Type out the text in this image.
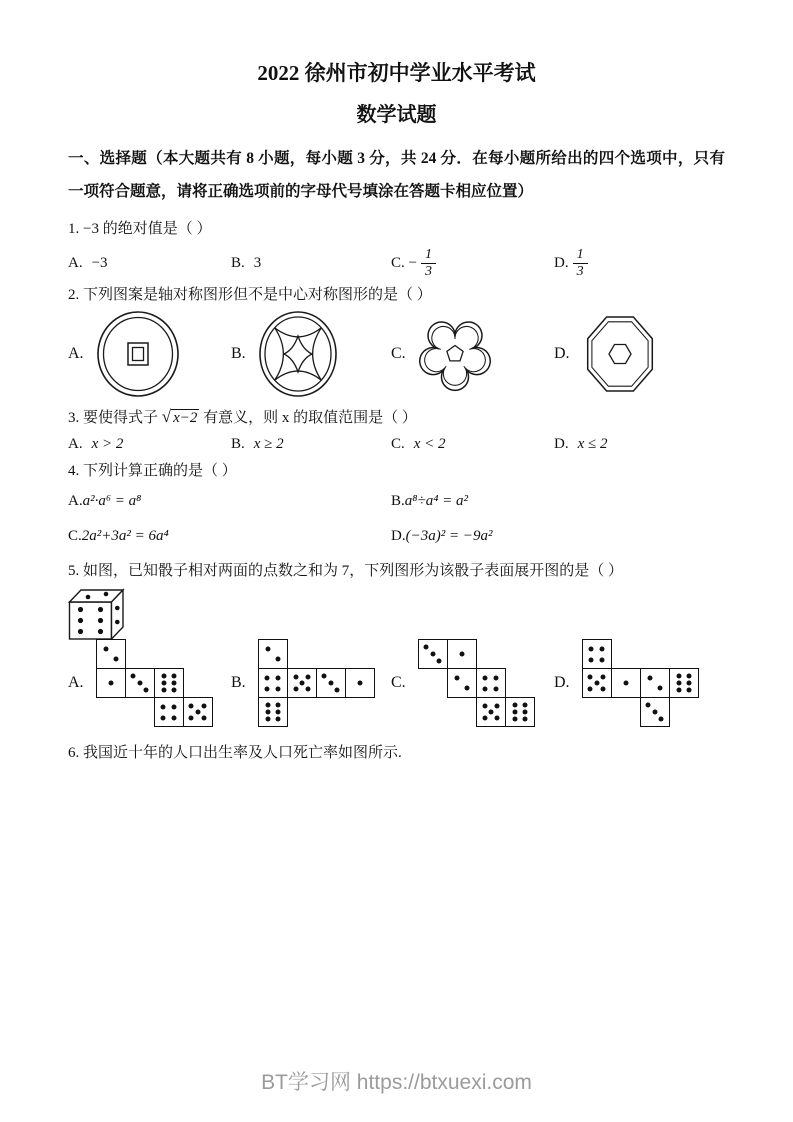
2022 徐州市初中学业水平考试
数学试题

一、选择题（本大题共有 8 小题，每小题 3 分，共 24 分．在每小题所给出的四个选项中，只有一项符合题意，请将正确选项前的字母代号填涂在答题卡相应位置）

1. −3 的绝对值是（ ）

A. −3	B. 3	C. − $\frac{1}{3}$	D. $\frac{1}{3}$

2. 下列图案是轴对称图形但不是中心对称图形的是（ ）

A.	B.	C.	D.

3. 要使得式子 √ x−2 有意义，则 x 的取值范围是（ ）

A. x > 2	B. x ≥ 2	C. x < 2	D. x ≤ 2

4. 下列计算正确的是（ ）

A. a²·a⁶ = a⁸	B. a⁸÷a⁴ = a²
C. 2a²+3a² = 6a⁴	D. (−3a)² = −9a²

5. 如图，已知骰子相对两面的点数之和为 7，下列图形为该骰子表面展开图的是（ ）

A.	B.	C.	D.

6. 我国近十年的人口出生率及人口死亡率如图所示.

BT学习网 https://btxuexi.com
